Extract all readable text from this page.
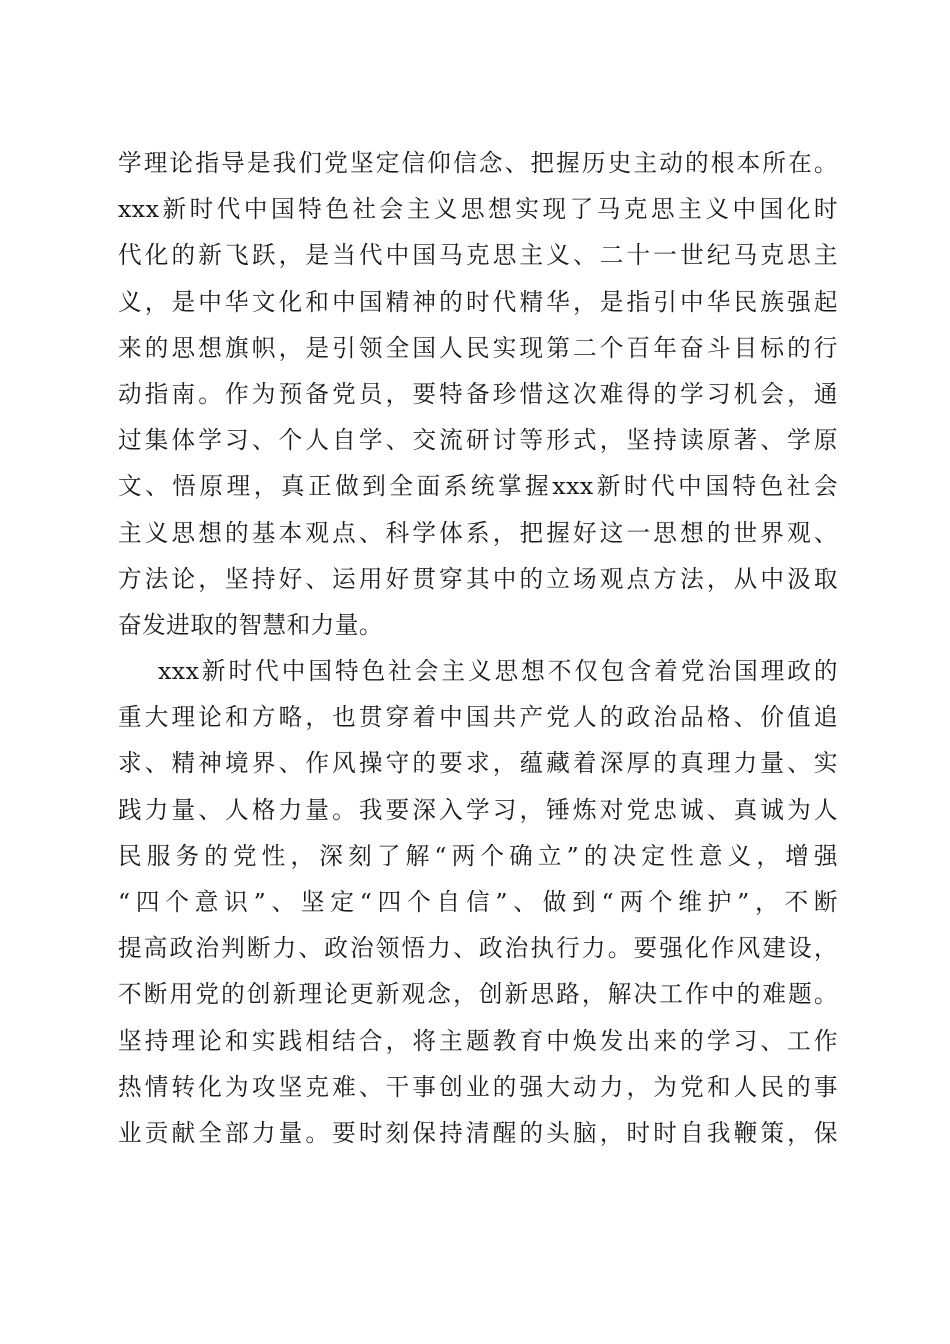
学理论指导是我们党坚定信仰信念、把握历史主动的根本所在。
xxx新时代中国特色社会主义思想实现了马克思主义中国化时
代化的新飞跃，是当代中国马克思主义、二十一世纪马克思主
义，是中华文化和中国精神的时代精华，是指引中华民族强起
来的思想旗帜，是引领全国人民实现第二个百年奋斗目标的行
动指南。作为预备党员，要特备珍惜这次难得的学习机会，通
过集体学习、个人自学、交流研讨等形式，坚持读原著、学原
文、悟原理，真正做到全面系统掌握xxx新时代中国特色社会
主义思想的基本观点、科学体系，把握好这一思想的世界观、
方法论，坚持好、运用好贯穿其中的立场观点方法，从中汲取
奋发进取的智慧和力量。
xxx新时代中国特色社会主义思想不仅包含着党治国理政的
重大理论和方略，也贯穿着中国共产党人的政治品格、价值追
求、精神境界、作风操守的要求，蕴藏着深厚的真理力量、实
践力量、人格力量。我要深入学习，锤炼对党忠诚、真诚为人
民服务的党性，深刻了解“两个确立”的决定性意义，增强
“四个意识”、坚定“四个自信”、做到“两个维护”，不断
提高政治判断力、政治领悟力、政治执行力。要强化作风建设，
不断用党的创新理论更新观念，创新思路，解决工作中的难题。
坚持理论和实践相结合，将主题教育中焕发出来的学习、工作
热情转化为攻坚克难、干事创业的强大动力，为党和人民的事
业贡献全部力量。要时刻保持清醒的头脑，时时自我鞭策，保
